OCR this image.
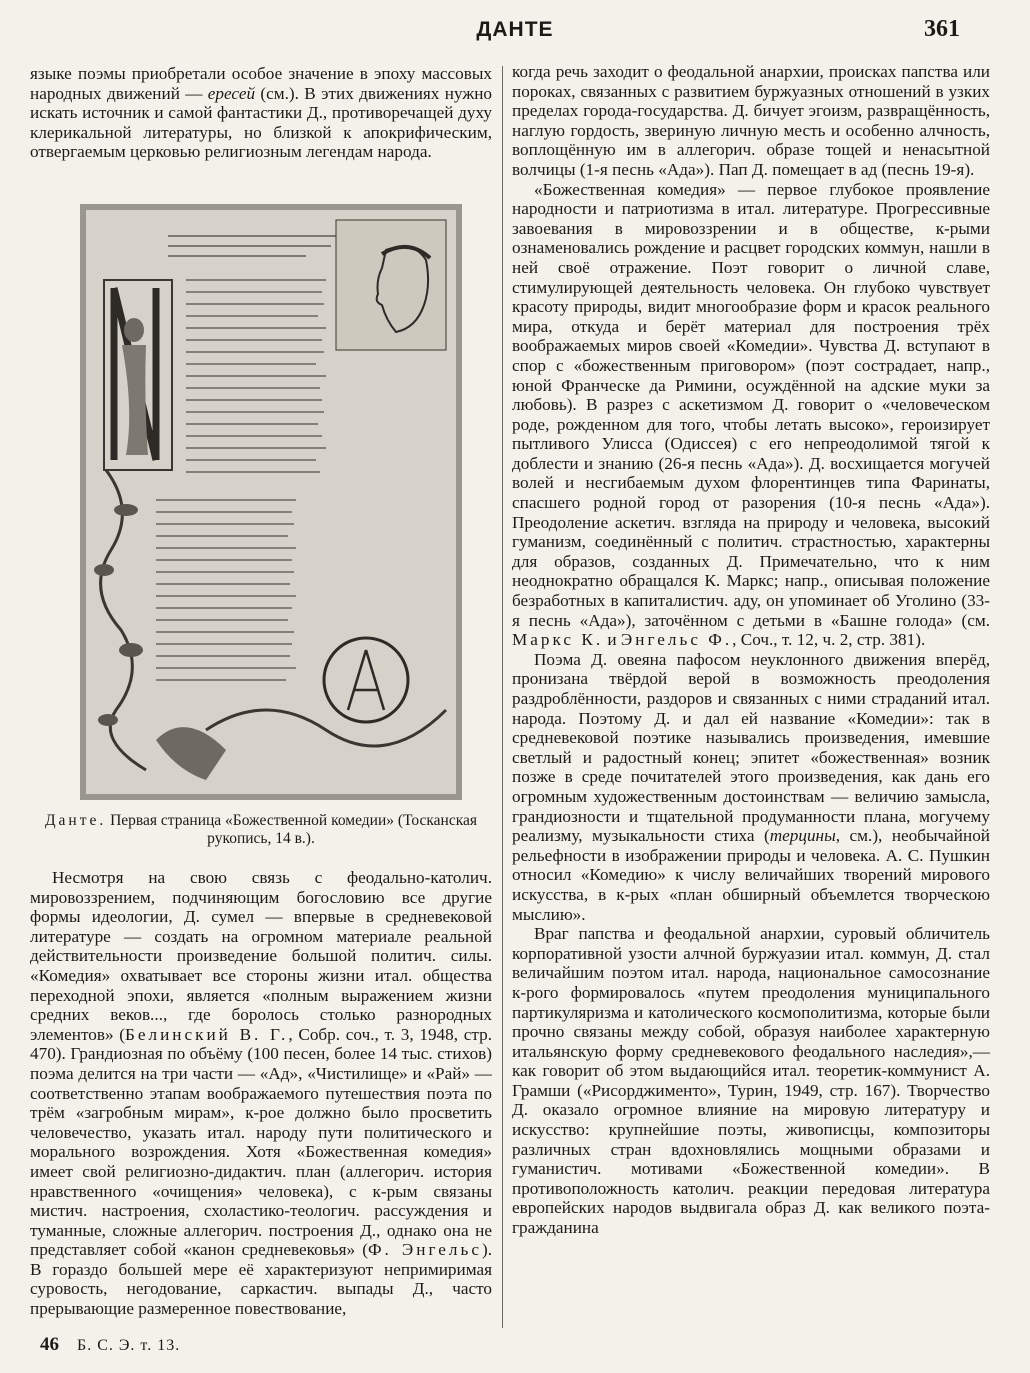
ДАНТЕ	361

языке поэмы приобретали особое значение в эпоху массовых народных движений — ересей (см.). В этих движениях нужно искать источник и самой фантастики Д., противоречащей духу клерикальной литературы, но близкой к апокрифическим, отвергаемым церковью религиозным легендам народа.

Данте. Первая страница «Божественной комедии» (Тосканская рукопись, 14 в.).

Несмотря на свою связь с феодально-католич. мировоззрением, подчиняющим богословию все другие формы идеологии, Д. сумел — впервые в средневековой литературе — создать на огромном материале реальной действительности произведение большой политич. силы. «Комедия» охватывает все стороны жизни итал. общества переходной эпохи, является «полным выражением жизни средних веков..., где боролось столько разнородных элементов» (Белинский В. Г., Собр. соч., т. 3, 1948, стр. 470). Грандиозная по объёму (100 песен, более 14 тыс. стихов) поэма делится на три части — «Ад», «Чистилище» и «Рай» — соответственно этапам воображаемого путешествия поэта по трём «загробным мирам», к-рое должно было просветить человечество, указать итал. народу пути политического и морального возрождения. Хотя «Божественная комедия» имеет свой религиозно-дидактич. план (аллегорич. история нравственного «очищения» человека), с к-рым связаны мистич. настроения, схоластико-теологич. рассуждения и туманные, сложные аллегорич. построения Д., однако она не представляет собой «канон средневековья» (Ф. Энгельс). В гораздо большей мере её характеризуют непримиримая суровость, негодование, саркастич. выпады Д., часто прерывающие размеренное повествование,

когда речь заходит о феодальной анархии, происках папства или пороках, связанных с развитием буржуазных отношений в узких пределах города-государства. Д. бичует эгоизм, развращённость, наглую гордость, звериную личную месть и особенно алчность, воплощённую им в аллегорич. образе тощей и ненасытной волчицы (1-я песнь «Ада»). Пап Д. помещает в ад (песнь 19-я).

«Божественная комедия» — первое глубокое проявление народности и патриотизма в итал. литературе. Прогрессивные завоевания в мировоззрении и в обществе, к-рыми ознаменовались рождение и расцвет городских коммун, нашли в ней своё отражение. Поэт говорит о личной славе, стимулирующей деятельность человека. Он глубоко чувствует красоту природы, видит многообразие форм и красок реального мира, откуда и берёт материал для построения трёх воображаемых миров своей «Комедии». Чувства Д. вступают в спор с «божественным приговором» (поэт сострадает, напр., юной Франческе да Римини, осуждённой на адские муки за любовь). В разрез с аскетизмом Д. говорит о «человеческом роде, рожденном для того, чтобы летать высоко», героизирует пытливого Улисса (Одиссея) с его непреодолимой тягой к доблести и знанию (26-я песнь «Ада»). Д. восхищается могучей волей и несгибаемым духом флорентинцев типа Фаринаты, спасшего родной город от разорения (10-я песнь «Ада»). Преодоление аскетич. взгляда на природу и человека, высокий гуманизм, соединённый с политич. страстностью, характерны для образов, созданных Д. Примечательно, что к ним неоднократно обращался К. Маркс; напр., описывая положение безработных в капиталистич. аду, он упоминает об Уголино (33-я песнь «Ада»), заточённом с детьми в «Башне голода» (см. Маркс К. и Энгельс Ф., Соч., т. 12, ч. 2, стр. 381).

Поэма Д. овеяна пафосом неуклонного движения вперёд, пронизана твёрдой верой в возможность преодоления раздроблённости, раздоров и связанных с ними страданий итал. народа. Поэтому Д. и дал ей название «Комедии»: так в средневековой поэтике назывались произведения, имевшие светлый и радостный конец; эпитет «божественная» возник позже в среде почитателей этого произведения, как дань его огромным художественным достоинствам — величию замысла, грандиозности и тщательной продуманности плана, могучему реализму, музыкальности стиха (терцины, см.), необычайной рельефности в изображении природы и человека. А. С. Пушкин относил «Комедию» к числу величайших творений мирового искусства, в к-рых «план обширный объемлется творческою мыслию».

Враг папства и феодальной анархии, суровый обличитель корпоративной узости алчной буржуазии итал. коммун, Д. стал величайшим поэтом итал. народа, национальное самосознание к-рого формировалось «путем преодоления муниципального партикуляризма и католического космополитизма, которые были прочно связаны между собой, образуя наиболее характерную итальянскую форму средневекового феодального наследия»,— как говорит об этом выдающийся итал. теоретик-коммунист А. Грамши («Рисорджименто», Турин, 1949, стр. 167). Творчество Д. оказало огромное влияние на мировую литературу и искусство: крупнейшие поэты, живописцы, композиторы различных стран вдохновлялись мощными образами и гуманистич. мотивами «Божественной комедии». В противоположность католич. реакции передовая литература европейских народов выдвигала образ Д. как великого поэта-гражданина

46 Б. С. Э. т. 13.
